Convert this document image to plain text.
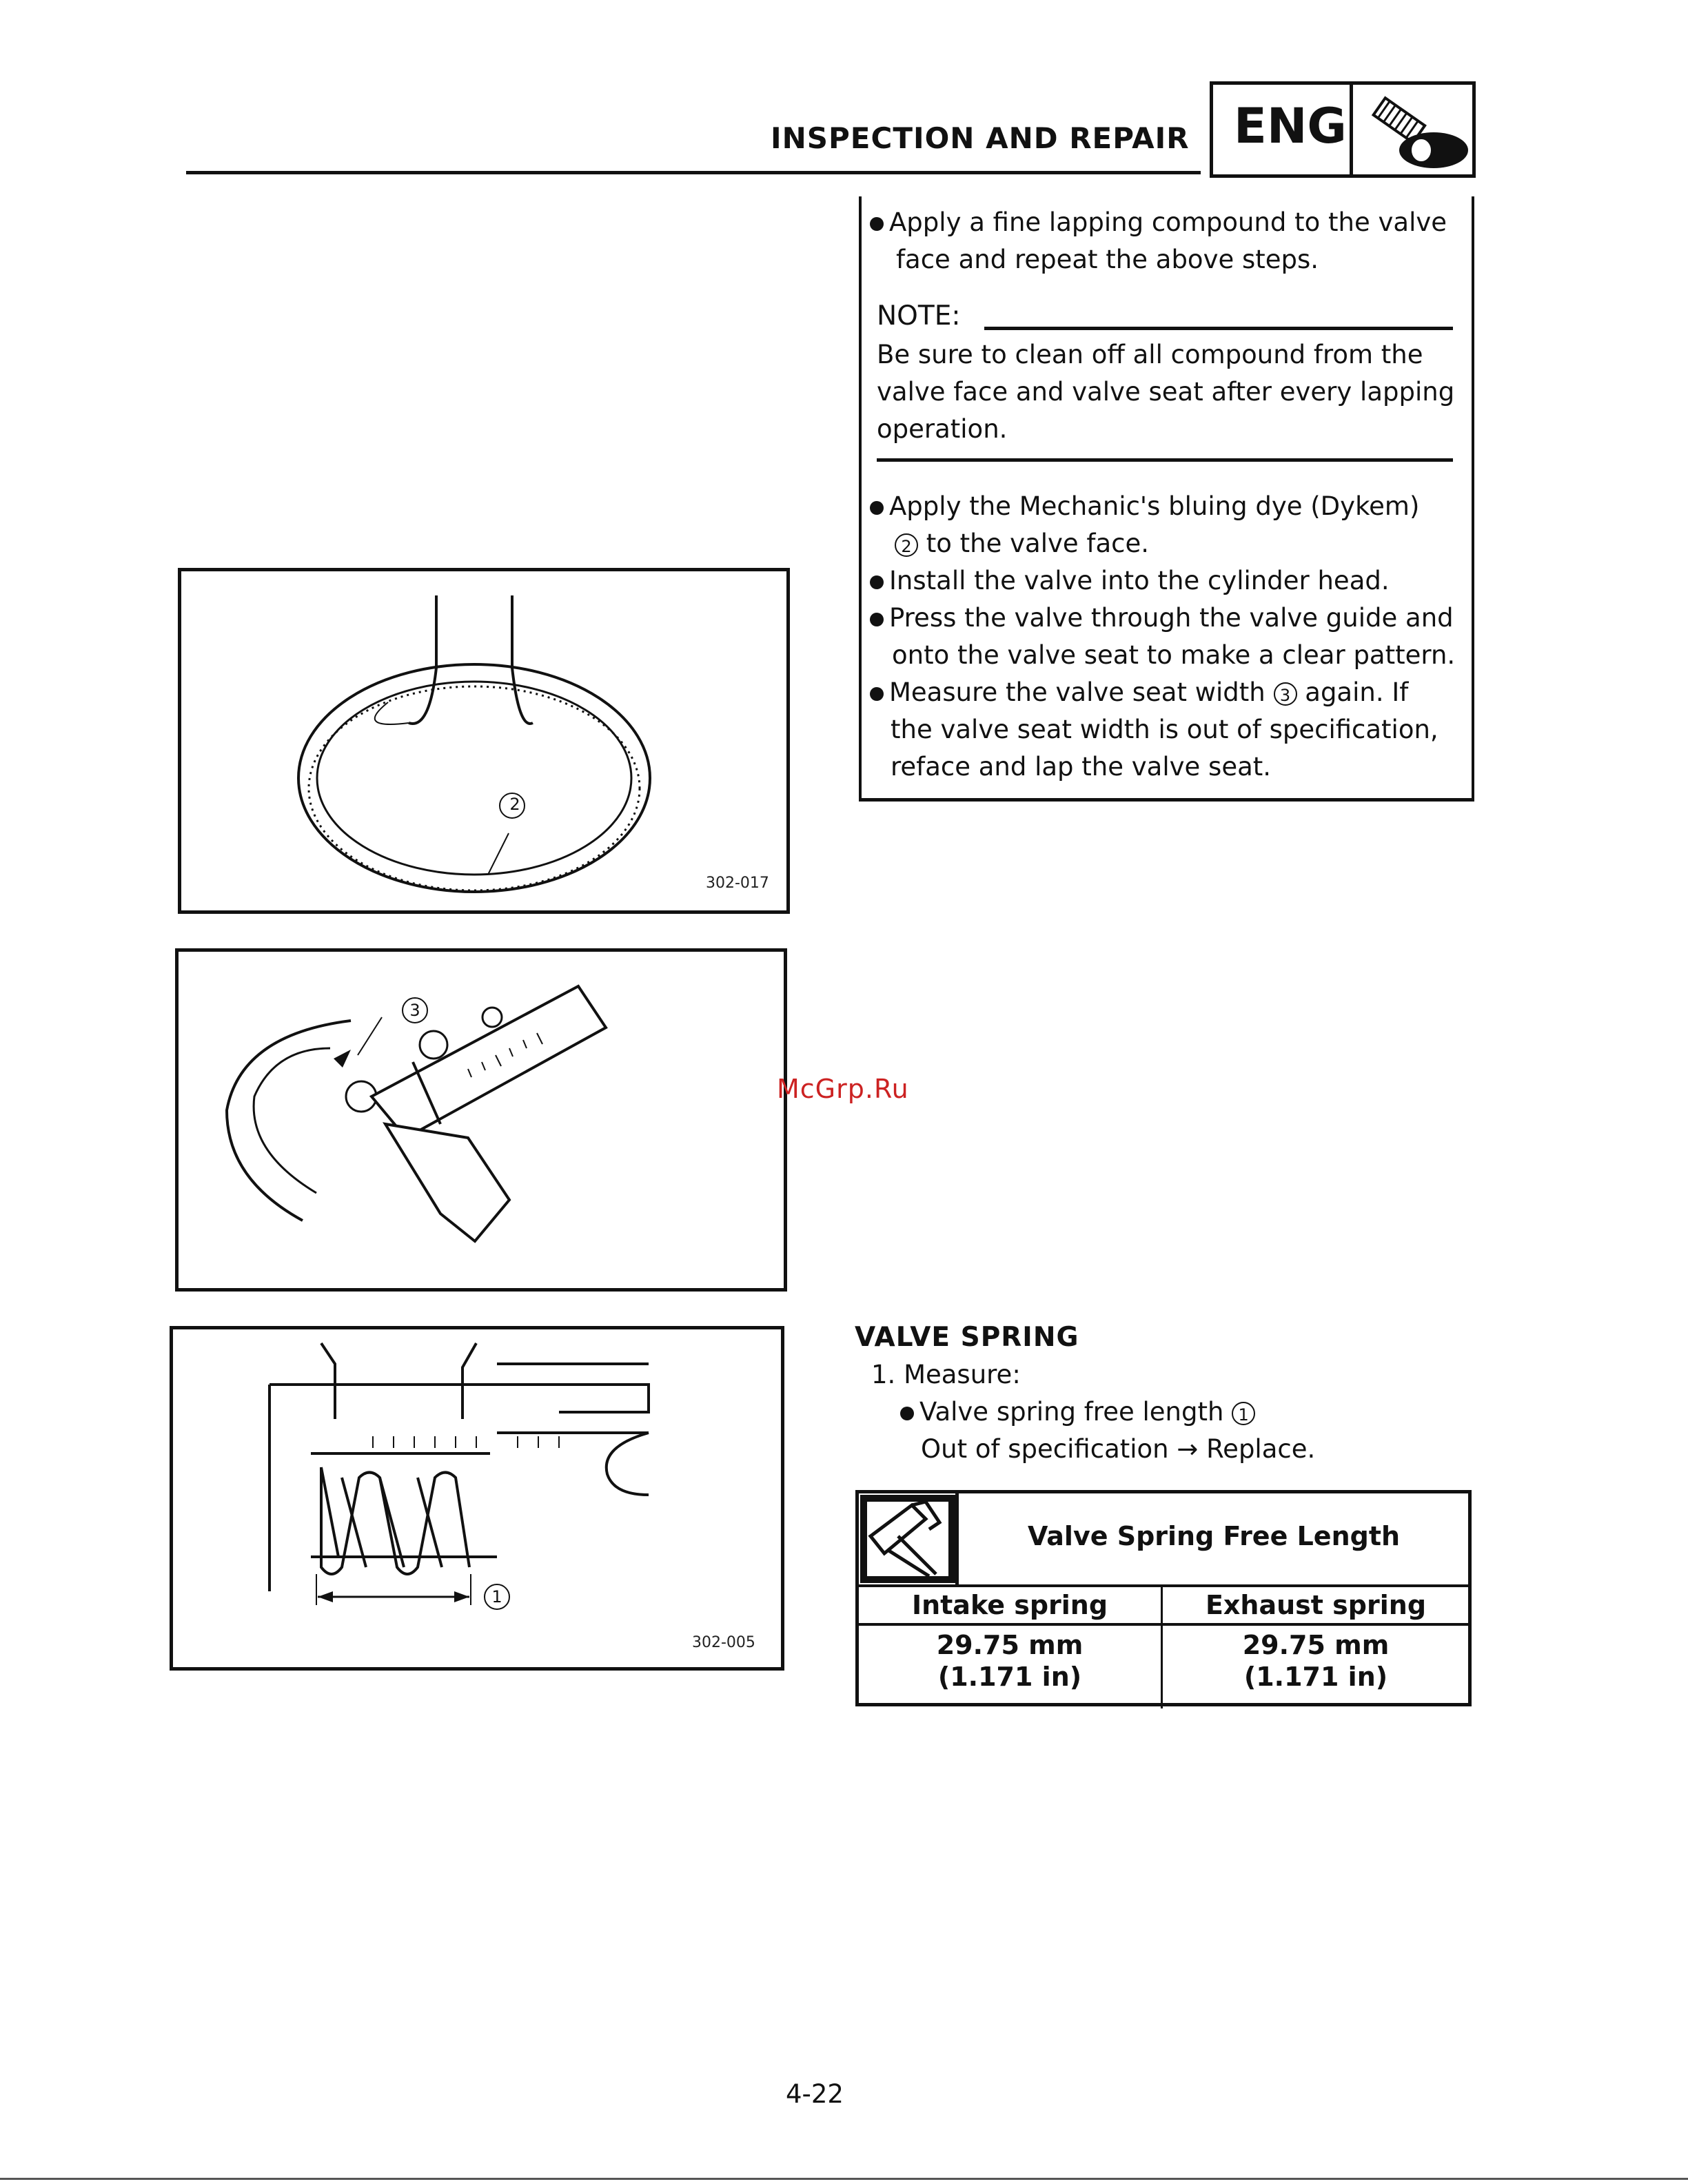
INSPECTION AND REPAIR ENG
Apply a fine lapping compound to the valve
face and repeat the above steps.
NOTE:
Be sure to clean off all compound from the
valve face and valve seat after every lapping
operation.
Apply the Mechanic's bluing dye (Dykem)
2 to the valve face.
Install the valve into the cylinder head.
Press the valve through the valve guide and
onto the valve seat to make a clear pattern.
Measure the valve seat width 3 again. If
the valve seat width is out of specification,
reface and lap the valve seat.
2
302-017
3
McGrp.Ru
1
302-005
VALVE SPRING
1. Measure:
Valve spring free length 1
Out of specification → Replace.
Valve Spring Free Length
Intake spring	Exhaust spring
29.75 mm
(1.171 in)
29.75 mm
(1.171 in)
4-22
